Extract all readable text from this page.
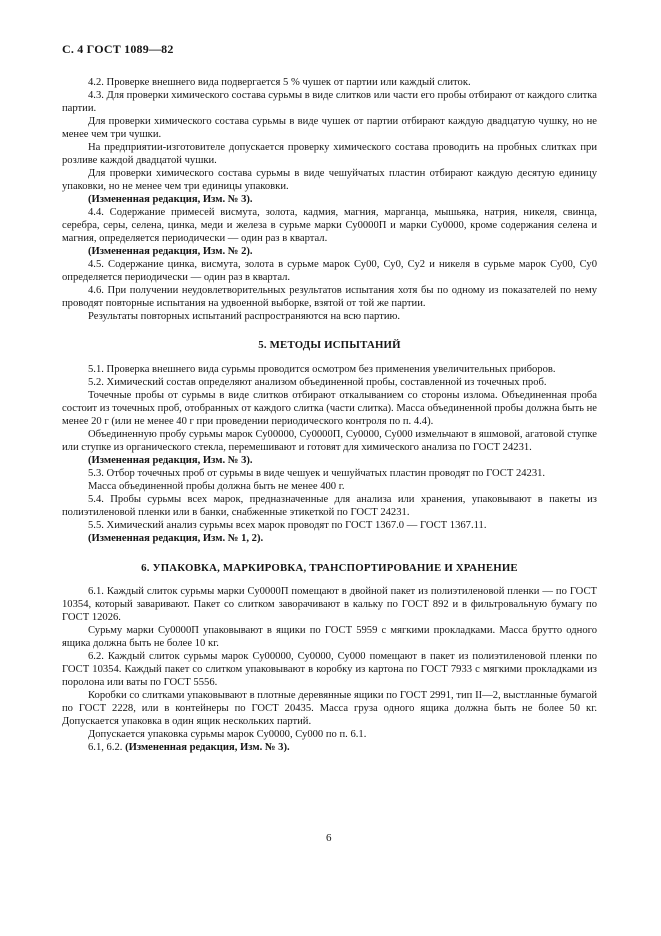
С. 4 ГОСТ 1089—82

4.2. Проверке внешнего вида подвергается 5 % чушек от партии или каждый слиток.

4.3. Для проверки химического состава сурьмы в виде слитков или части его пробы отбирают от каждого слитка партии.

Для проверки химического состава сурьмы в виде чушек от партии отбирают каждую двадцатую чушку, но не менее чем три чушки.

На предприятии-изготовителе допускается проверку химического состава проводить на пробных слитках при розливе каждой двадцатой чушки.

Для проверки химического состава сурьмы в виде чешуйчатых пластин отбирают каждую десятую единицу упаковки, но не менее чем три единицы упаковки.

(Измененная редакция, Изм. № 3).

4.4. Содержание примесей висмута, золота, кадмия, магния, марганца, мышьяка, натрия, никеля, свинца, серебра, серы, селена, цинка, меди и железа в сурьме марки Су0000П и марки Су0000, кроме содержания селена и магния, определяется периодически — один раз в квартал.

(Измененная редакция, Изм. № 2).

4.5. Содержание цинка, висмута, золота в сурьме марок Су00, Су0, Су2 и никеля в сурьме марок Су00, Су0 определяется периодически — один раз в квартал.

4.6. При получении неудовлетворительных результатов испытания хотя бы по одному из показателей по нему проводят повторные испытания на удвоенной выборке, взятой от той же партии.

Результаты повторных испытаний распространяются на всю партию.

5. МЕТОДЫ ИСПЫТАНИЙ

5.1. Проверка внешнего вида сурьмы проводится осмотром без применения увеличительных приборов.

5.2. Химический состав определяют анализом объединенной пробы, составленной из точечных проб.

Точечные пробы от сурьмы в виде слитков отбирают откалыванием со стороны излома. Объединенная проба состоит из точечных проб, отобранных от каждого слитка (части слитка). Масса объединенной пробы должна быть не менее 20 г (или не менее 40 г при проведении периодического контроля по п. 4.4).

Объединенную пробу сурьмы марок Су00000, Су0000П, Су0000, Су000 измельчают в яшмовой, агатовой ступке или ступке из органического стекла, перемешивают и готовят для химического анализа по ГОСТ 24231.

(Измененная редакция, Изм. № 3).

5.3. Отбор точечных проб от сурьмы в виде чешуек и чешуйчатых пластин проводят по ГОСТ 24231.

Масса объединенной пробы должна быть не менее 400 г.

5.4. Пробы сурьмы всех марок, предназначенные для анализа или хранения, упаковывают в пакеты из полиэтиленовой пленки или в банки, снабженные этикеткой по ГОСТ 24231.

5.5. Химический анализ сурьмы всех марок проводят по ГОСТ 1367.0 — ГОСТ 1367.11.

(Измененная редакция, Изм. № 1, 2).

6. УПАКОВКА, МАРКИРОВКА, ТРАНСПОРТИРОВАНИЕ И ХРАНЕНИЕ

6.1. Каждый слиток сурьмы марки Су0000П помещают в двойной пакет из полиэтиленовой пленки — по ГОСТ 10354, который заваривают. Пакет со слитком заворачивают в кальку по ГОСТ 892 и в фильтровальную бумагу по ГОСТ 12026.

Сурьму марки Су0000П упаковывают в ящики по ГОСТ 5959 с мягкими прокладками. Масса брутто одного ящика должна быть не более 10 кг.

6.2. Каждый слиток сурьмы марок Су00000, Су0000, Су000 помещают в пакет из полиэтиленовой пленки по ГОСТ 10354. Каждый пакет со слитком упаковывают в коробку из картона по ГОСТ 7933 с мягкими прокладками из поролона или ваты по ГОСТ 5556.

Коробки со слитками упаковывают в плотные деревянные ящики по ГОСТ 2991, тип II—2, выстланные бумагой по ГОСТ 2228, или в контейнеры по ГОСТ 20435. Масса груза одного ящика должна быть не более 50 кг. Допускается упаковка в один ящик нескольких партий.

Допускается упаковка сурьмы марок Су0000, Су000 по п. 6.1.

6.1, 6.2. (Измененная редакция, Изм. № 3).

6
